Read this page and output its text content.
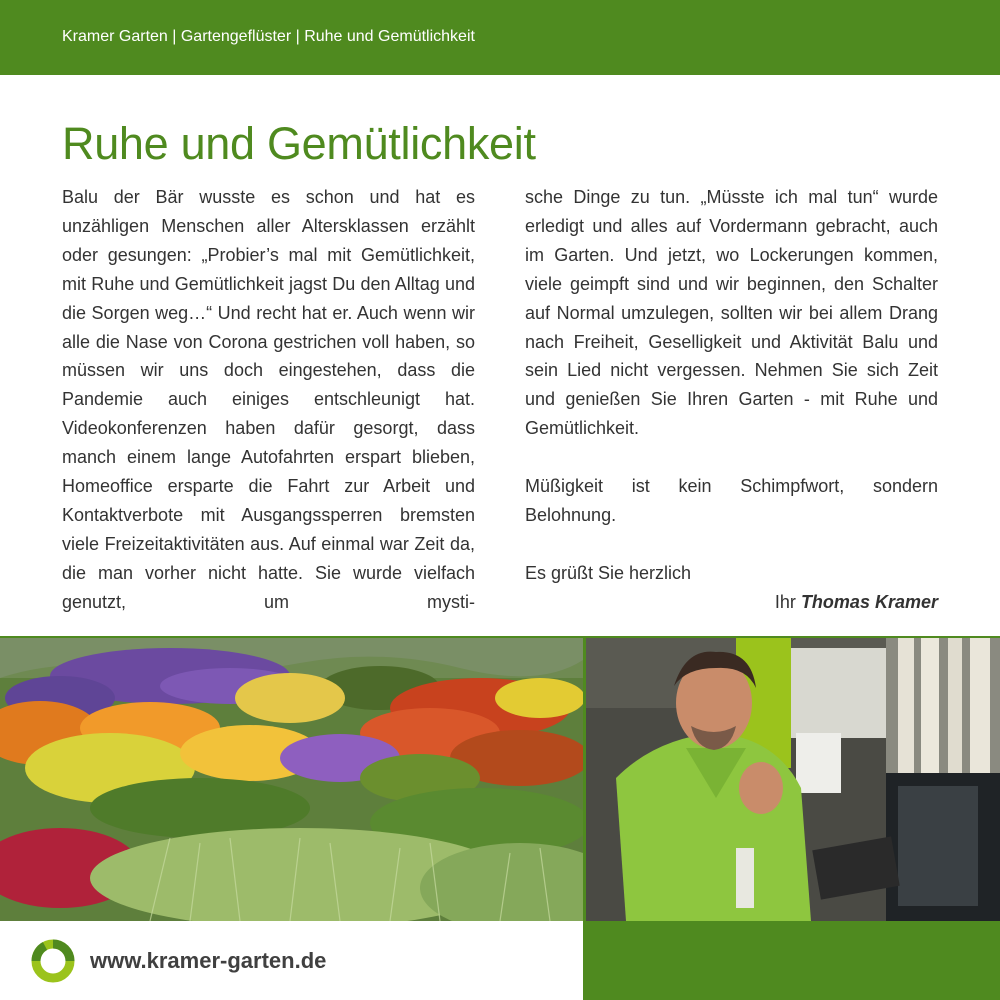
Kramer Garten | Gartengeflüster | Ruhe und Gemütlichkeit
Ruhe und Gemütlichkeit

Balu der Bär wusste es schon und hat es unzähligen Menschen aller Altersklassen erzählt oder gesungen: „Probier’s mal mit Gemütlichkeit, mit Ruhe und Gemütlichkeit jagst Du den Alltag und die Sorgen weg…“ Und recht hat er. Auch wenn wir alle die Nase von Corona gestrichen voll haben, so müssen wir uns doch eingestehen, dass die Pandemie auch einiges entschleunigt hat. Videokonferenzen haben dafür gesorgt, dass manch einem lange Autofahrten erspart blieben, Homeoffice ersparte die Fahrt zur Arbeit und Kontaktverbote mit Ausgangssperren bremsten viele Freizeitaktivitäten aus. Auf einmal war Zeit da, die man vorher nicht hatte. Sie wurde vielfach genutzt, um mysti-

sche Dinge zu tun. „Müsste ich mal tun“ wurde erledigt und alles auf Vordermann gebracht, auch im Garten. Und jetzt, wo Lockerungen kommen, viele geimpft sind und wir beginnen, den Schalter auf Normal umzulegen, sollten wir bei allem Drang nach Freiheit, Geselligkeit und Aktivität Balu und sein Lied nicht vergessen. Nehmen Sie sich Zeit und genießen Sie Ihren Garten - mit Ruhe und Gemütlichkeit.

Müßigkeit ist kein Schimpfwort, sondern Belohnung.

Es grüßt Sie herzlich

Ihr Thomas Kramer

www.kramer-garten.de
